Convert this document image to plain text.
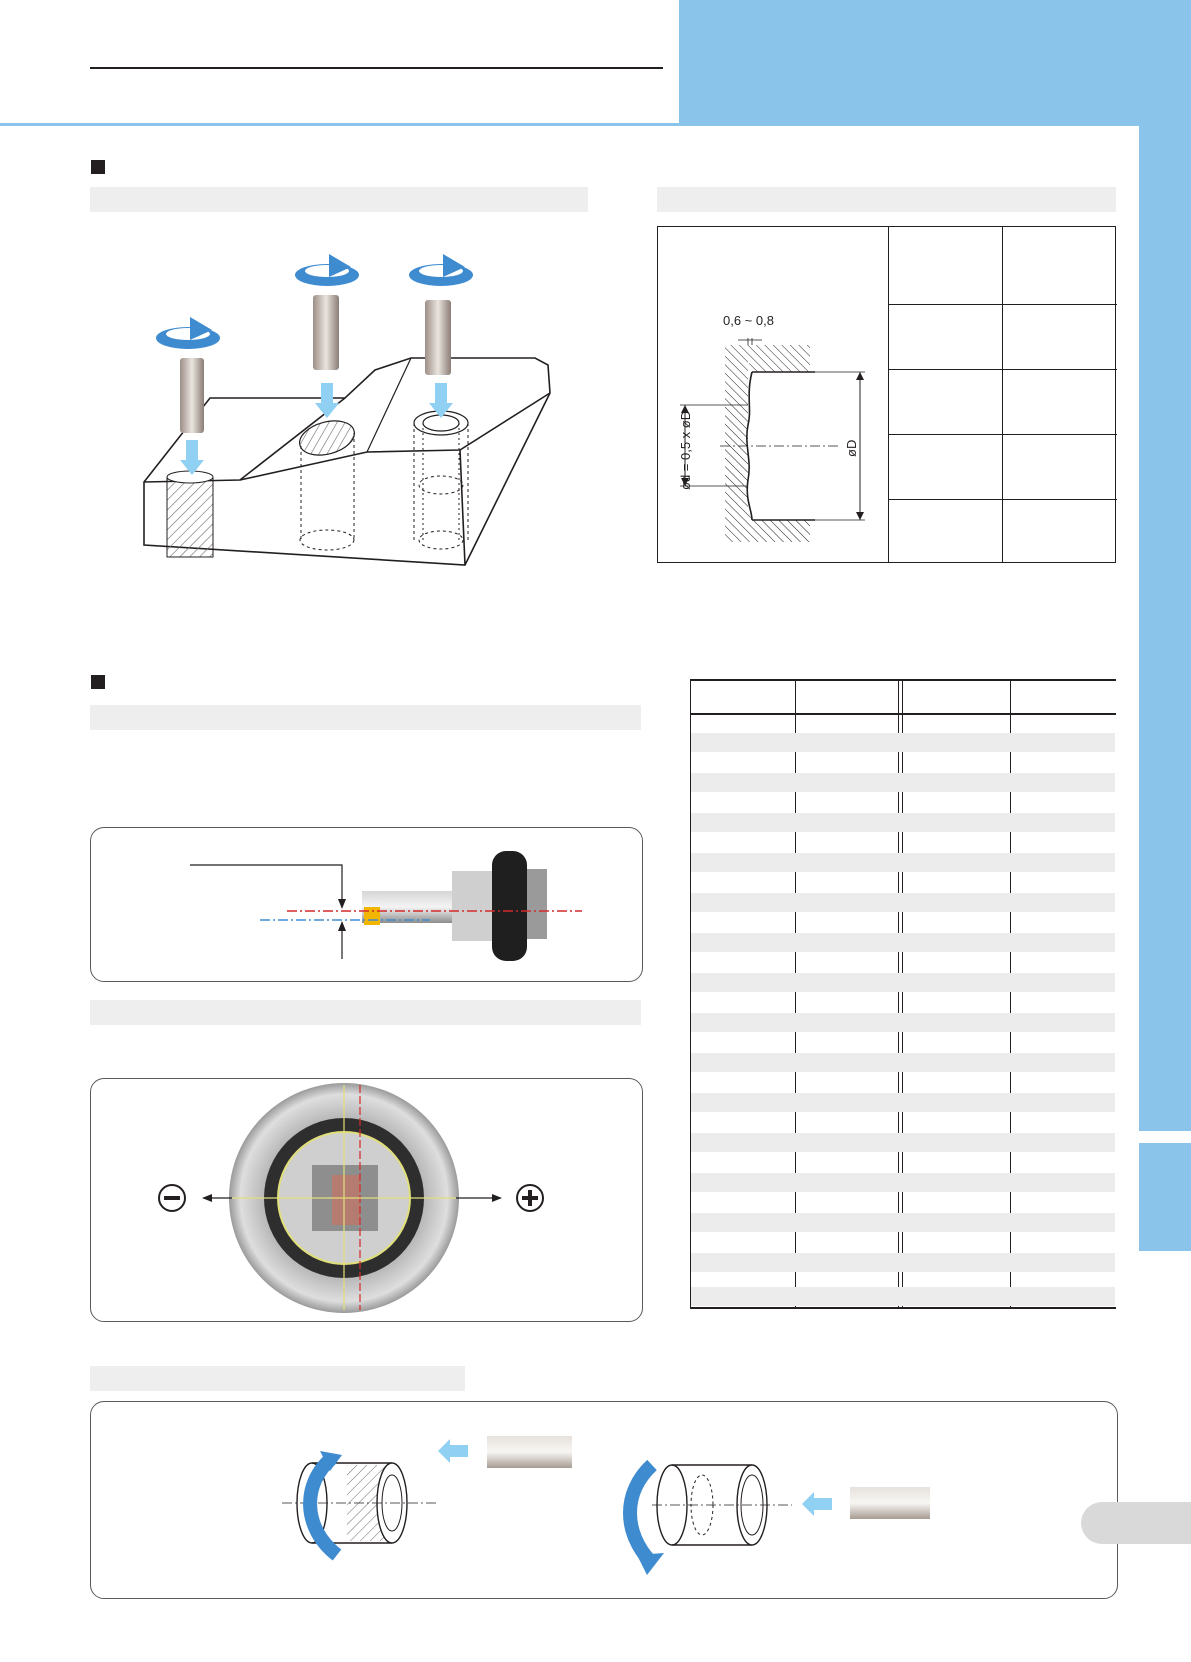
0,6 ~ 0,8
ød = 0,5 x øD	øD
